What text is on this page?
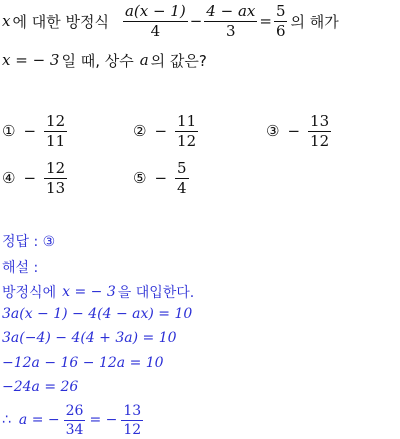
x 에 대한 방정식 $\frac{a(x - 1)}{4} - \frac{4 - ax}{3} = \frac{5}{6}$ 의 해가
x = − 3 일 때, 상수 a 의 값은?
① − $\frac{12}{11}$	② − $\frac{11}{12}$	③ − $\frac{13}{12}$
④ − $\frac{12}{13}$	⑤ − $\frac{5}{4}$
정답 : ③
해설 :
방정식에 x = − 3 을 대입한다.
3a(x − 1) − 4(4 − ax) = 10
3a(−4) − 4(4 + 3a) = 10
−12a − 16 − 12a = 10
−24a = 26
∴ a = − $\frac{26}{34}$ = − $\frac{13}{12}$
